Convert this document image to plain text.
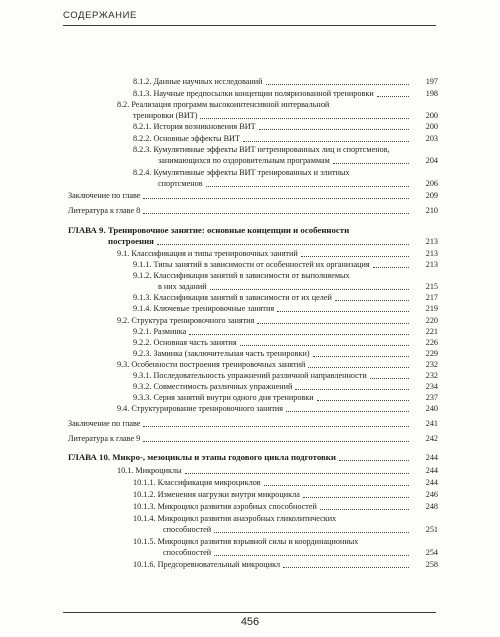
СОДЕРЖАНИЕ
8.1.2. Данные научных исследований	197
8.1.3. Научные предпосылки концепции поляризованной тренировки	198
8.2. Реализация программ высокоинтенсивной интервальной
тренировки (ВИТ)	200
8.2.1. История возникновения ВИТ	200
8.2.2. Основные эффекты ВИТ	203
8.2.3. Кумулятивные эффекты ВИТ нетренированных лиц и спортсменов,
занимающихся по оздоровительным программам	204
8.2.4. Кумулятивные эффекты ВИТ тренированных и элитных
спортсменов	206
Заключение по главе	209
Литература к главе 8	210
ГЛАВА 9. Тренировочное занятие: основные концепции и особенности
построения	213
9.1. Классификация и типы тренировочных занятий	213
9.1.1. Типы занятий в зависимости от особенностей их организация	213
9.1.2. Классификация занятий в зависимости от выполняемых
в них заданий	215
9.1.3. Классификация занятий в зависимости от их целей	217
9.1.4. Ключевые тренировочные занятия	219
9.2. Структура тренировочного занятия	220
9.2.1. Разминка	221
9.2.2. Основная часть занятия	226
9.2.3. Заминка (заключительная часть тренировки)	229
9.3. Особенности построения тренировочных занятий	232
9.3.1. Последовательность упражнений различной направленности	232
9.3.2. Совместимость различных упражнений	234
9.3.3. Серия занятий внутри одного дня тренировки	237
9.4. Структурирование тренировочного занятия	240
Заключение по главе	241
Литература к главе 9	242
ГЛАВА 10. Микро-, мезоциклы и этапы годового цикла подготовки	244
10.1. Микроциклы	244
10.1.1. Классификация микроциклов	244
10.1.2. Изменения нагрузки внутри микроцикла	246
10.1.3. Микроцикл развития аэробных способностей	248
10.1.4. Микроцикл развития анаэробных гликолитических
способностей	251
10.1.5. Микроцикл развития взрывной силы и координационных
способностей	254
10.1.6. Предсоревновательный микроцикл	258
456
